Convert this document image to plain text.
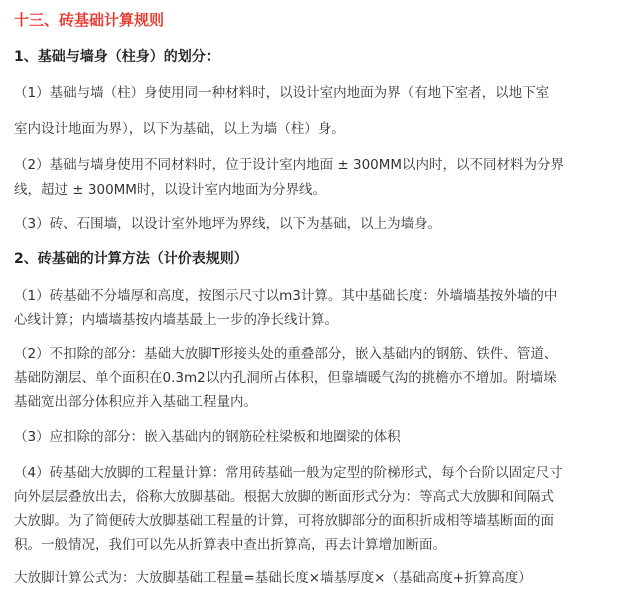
十三、砖基础计算规则
1、基础与墙身（柱身）的划分：
（1）基础与墙（柱）身使用同一种材料时，以设计室内地面为界（有地下室者，以地下室
室内设计地面为界），以下为基础，以上为墙（柱）身。
（2）基础与墙身使用不同材料时，位于设计室内地面 ± 300MM以内时，以不同材料为分界
线，超过 ± 300MM时，以设计室内地面为分界线。
（3）砖、石围墙，以设计室外地坪为界线，以下为基础，以上为墙身。
2、砖基础的计算方法（计价表规则）
（1）砖基础不分墙厚和高度，按图示尺寸以m3计算。其中基础长度：外墙墙基按外墙的中
心线计算；内墙墙基按内墙基最上一步的净长线计算。
（2）不扣除的部分：基础大放脚T形接头处的重叠部分，嵌入基础内的钢筋、铁件、管道、
基础防潮层、单个面积在0.3m2以内孔洞所占体积，但靠墙暖气沟的挑檐亦不增加。附墙垛
基础宽出部分体积应并入基础工程量内。
（3）应扣除的部分：嵌入基础内的钢筋砼柱梁板和地圈梁的体积
（4）砖基础大放脚的工程量计算：常用砖基础一般为定型的阶梯形式，每个台阶以固定尺寸
向外层层叠放出去，俗称大放脚基础。根据大放脚的断面形式分为：等高式大放脚和间隔式
大放脚。为了简便砖大放脚基础工程量的计算，可将放脚部分的面积折成相等墙基断面的面
积。一般情况，我们可以先从折算表中查出折算高，再去计算增加断面。
大放脚计算公式为：大放脚基础工程量=基础长度×墙基厚度×（基础高度+折算高度）
